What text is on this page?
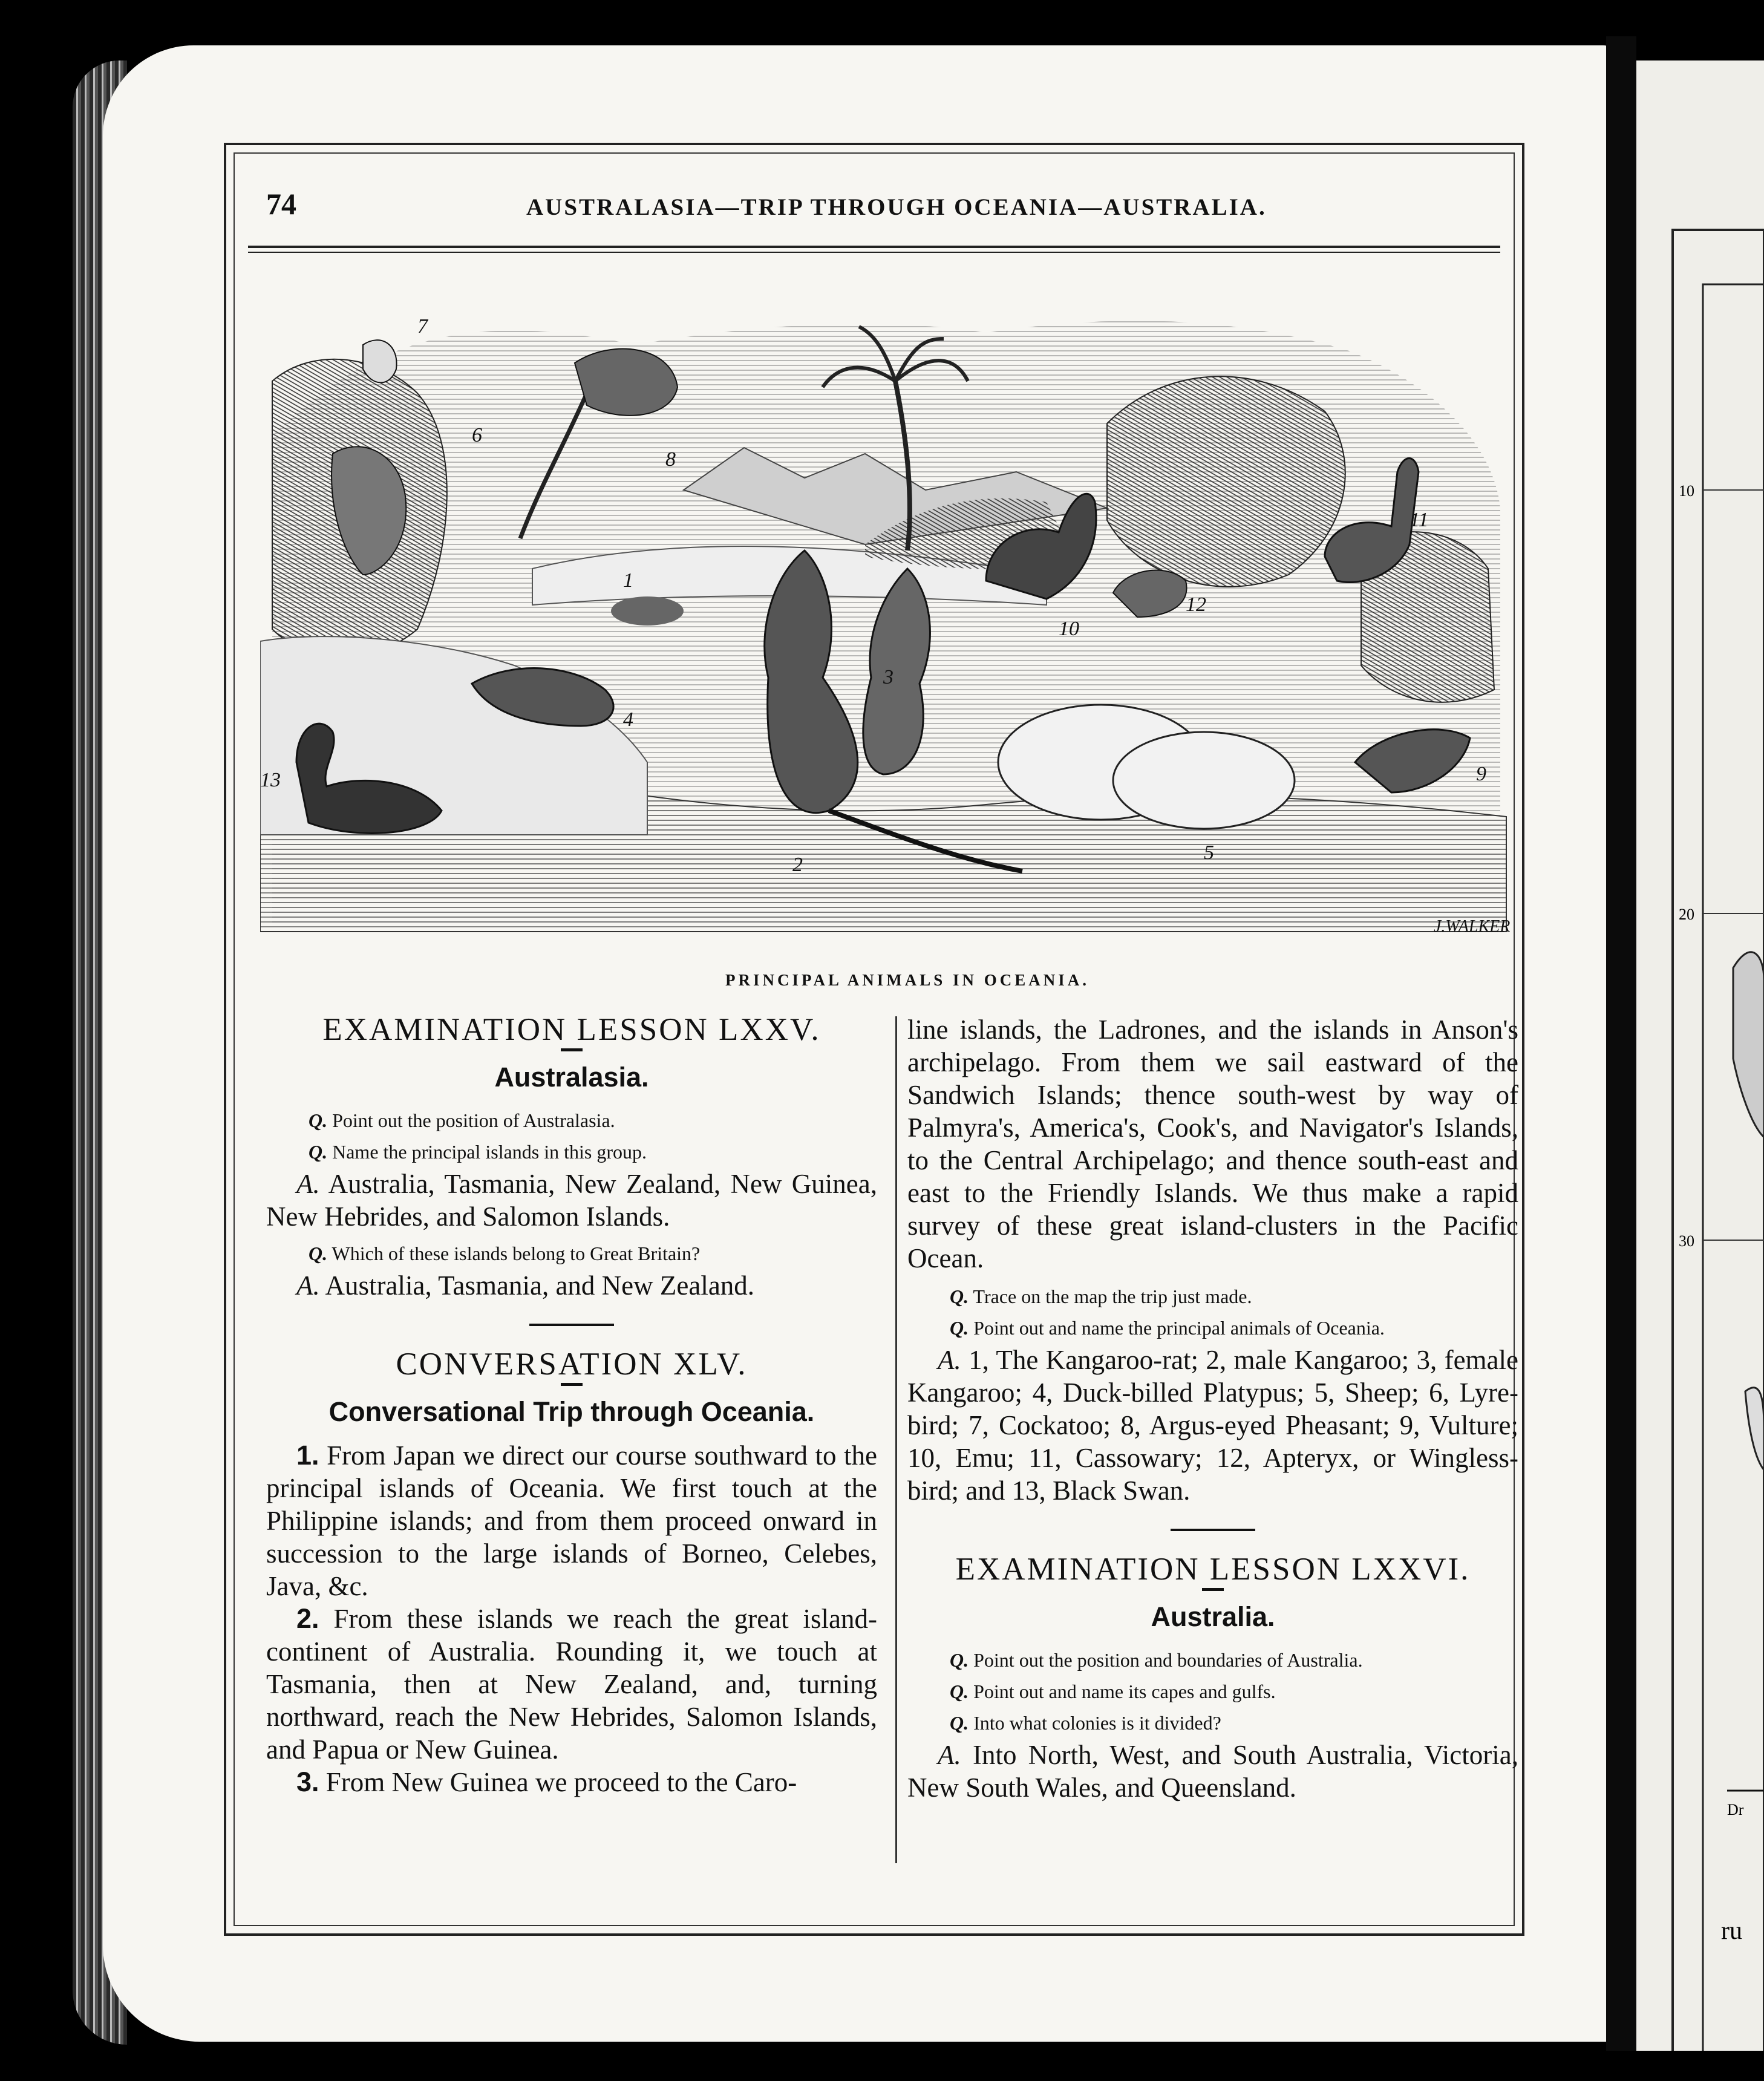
10
20
30
Dr
ru
74	AUSTRALASIA—TRIP THROUGH OCEANIA—AUSTRALIA.
1
2
3
4
5
6
7
8
9
10
11
12
13
J.WALKER
PRINCIPAL ANIMALS IN OCEANIA.
EXAMINATION LESSON LXXV.
Australasia.

Q. Point out the position of Australasia.

Q. Name the principal islands in this group.

A. Australia, Tasmania, New Zealand, New Guinea, New Hebrides, and Salomon Islands.

Q. Which of these islands belong to Great Britain?

A. Australia, Tasmania, and New Zealand.

CONVERSATION XLV.
Conversational Trip through Oceania.

1. From Japan we direct our course southward to the principal islands of Oceania. We first touch at the Philippine islands; and from them proceed onward in succession to the large islands of Borneo, Celebes, Java, &c.

2. From these islands we reach the great island-continent of Australia. Rounding it, we touch at Tasmania, then at New Zealand, and, turning northward, reach the New Hebrides, Salomon Islands, and Papua or New Guinea.

3. From New Guinea we proceed to the Caro-

line islands, the Ladrones, and the islands in Anson's archipelago. From them we sail eastward of the Sandwich Islands; thence south-west by way of Palmyra's, America's, Cook's, and Navigator's Islands, to the Central Archipelago; and thence south-east and east to the Friendly Islands. We thus make a rapid survey of these great island-clusters in the Pacific Ocean.

Q. Trace on the map the trip just made.

Q. Point out and name the principal animals of Oceania.

A. 1, The Kangaroo-rat; 2, male Kangaroo; 3, female Kangaroo; 4, Duck-billed Platypus; 5, Sheep; 6, Lyre-bird; 7, Cockatoo; 8, Argus-eyed Pheasant; 9, Vulture; 10, Emu; 11, Cassowary; 12, Apteryx, or Wingless-bird; and 13, Black Swan.

EXAMINATION LESSON LXXVI.
Australia.

Q. Point out the position and boundaries of Australia.

Q. Point out and name its capes and gulfs.

Q. Into what colonies is it divided?

A. Into North, West, and South Australia, Victoria, New South Wales, and Queensland.
